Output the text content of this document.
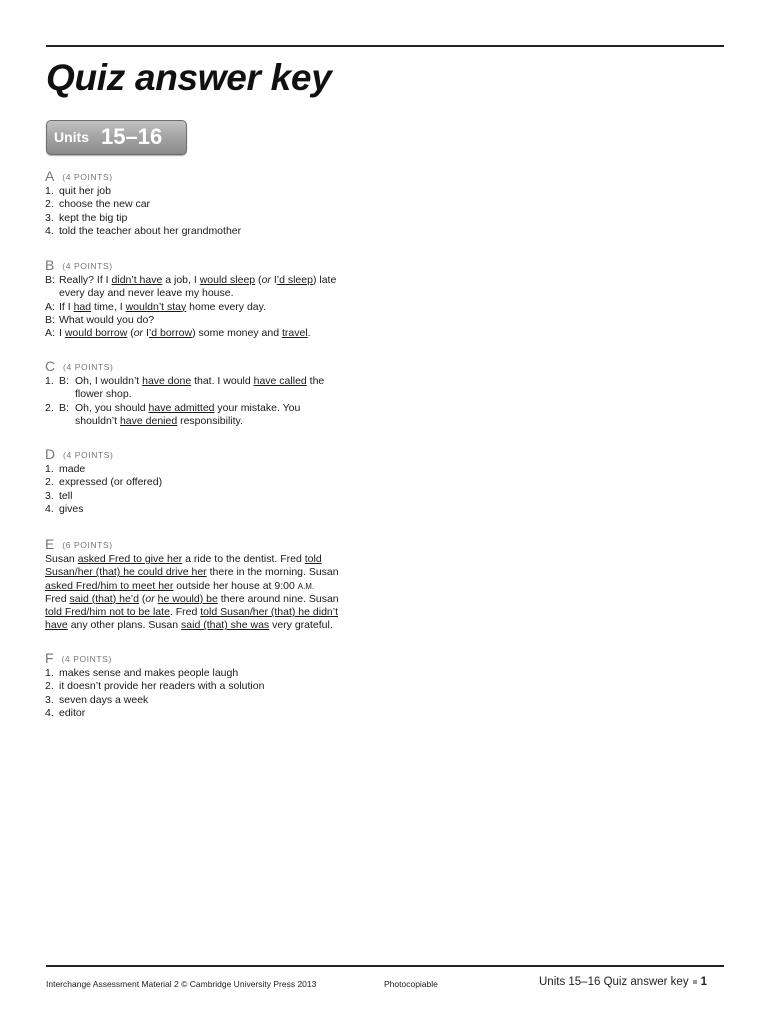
Quiz answer key
Units 15–16
A (4 POINTS)
1. quit her job
2. choose the new car
3. kept the big tip
4. told the teacher about her grandmother
B (4 POINTS)
B: Really? If I didn’t have a job, I would sleep (or I’d sleep) late
every day and never leave my house.
A: If I had time, I wouldn’t stay home every day.
B: What would you do?
A: I would borrow (or I’d borrow) some money and travel.
C (4 POINTS)
1. B: Oh, I wouldn’t have done that. I would have called the
flower shop.
2. B: Oh, you should have admitted your mistake. You
shouldn’t have denied responsibility.
D (4 POINTS)
1. made
2. expressed (or offered)
3. tell
4. gives
E (6 POINTS)
Susan asked Fred to give her a ride to the dentist. Fred told
Susan/her (that) he could drive her there in the morning. Susan
asked Fred/him to meet her outside her house at 9:00 A.M.
Fred said (that) he’d (or he would) be there around nine. Susan
told Fred/him not to be late. Fred told Susan/her (that) he didn’t
have any other plans. Susan said (that) she was very grateful.
F (4 POINTS)
1. makes sense and makes people laugh
2. it doesn’t provide her readers with a solution
3. seven days a week
4. editor
Interchange Assessment Material 2 © Cambridge University Press 2013	Photocopiable	Units 15–16 Quiz answer key 1
